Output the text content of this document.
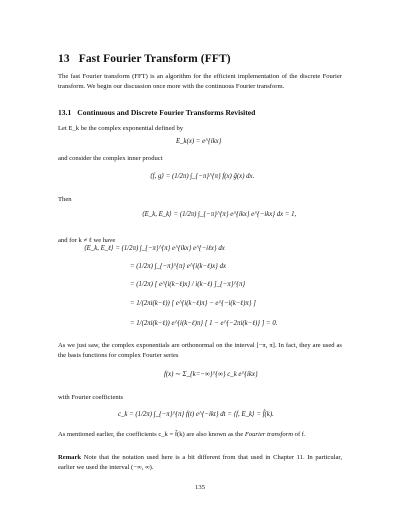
13 Fast Fourier Transform (FFT)
The fast Fourier transform (FFT) is an algorithm for the efficient implementation of the discrete Fourier transform. We begin our discussion once more with the continuous Fourier transform.
13.1 Continuous and Discrete Fourier Transforms Revisited
Let E_k be the complex exponential defined by
E_k(x) = e^{ikx}
and consider the complex inner product
⟨f, g⟩ = (1/2π) ∫_{−π}^{π} f(x) ḡ(x) dx.
Then
⟨E_k, E_k⟩ = (1/2π) ∫_{−π}^{π} e^{ikx} e^{−ikx} dx = 1,
and for k ≠ ℓ we have
⟨E_k, E_ℓ⟩ = (1/2π) ∫_{−π}^{π} e^{ikx} e^{−iℓx} dx
= (1/2π) ∫_{−π}^{π} e^{i(k−ℓ)x} dx
= (1/2π) [ e^{i(k−ℓ)x} / i(k−ℓ) ]_{−π}^{π}
= 1/(2πi(k−ℓ)) [ e^{i(k−ℓ)π} − e^{−i(k−ℓ)π} ]
= 1/(2πi(k−ℓ)) e^{i(k−ℓ)π} [ 1 − e^{−2πi(k−ℓ)} ] = 0.
As we just saw, the complex exponentials are orthonormal on the interval [−π, π]. In fact, they are used as the basis functions for complex Fourier series
f(x) ∼ Σ_{k=−∞}^{∞} c_k e^{ikx}
with Fourier coefficients
c_k = (1/2π) ∫_{−π}^{π} f(t) e^{−ikt} dt = ⟨f, E_k⟩ = f̂(k).
As mentioned earlier, the coefficients c_k = f̂(k) are also known as the Fourier transform of f.
Remark Note that the notation used here is a bit different from that used in Chapter 11. In particular, earlier we used the interval (−∞, ∞).
135
